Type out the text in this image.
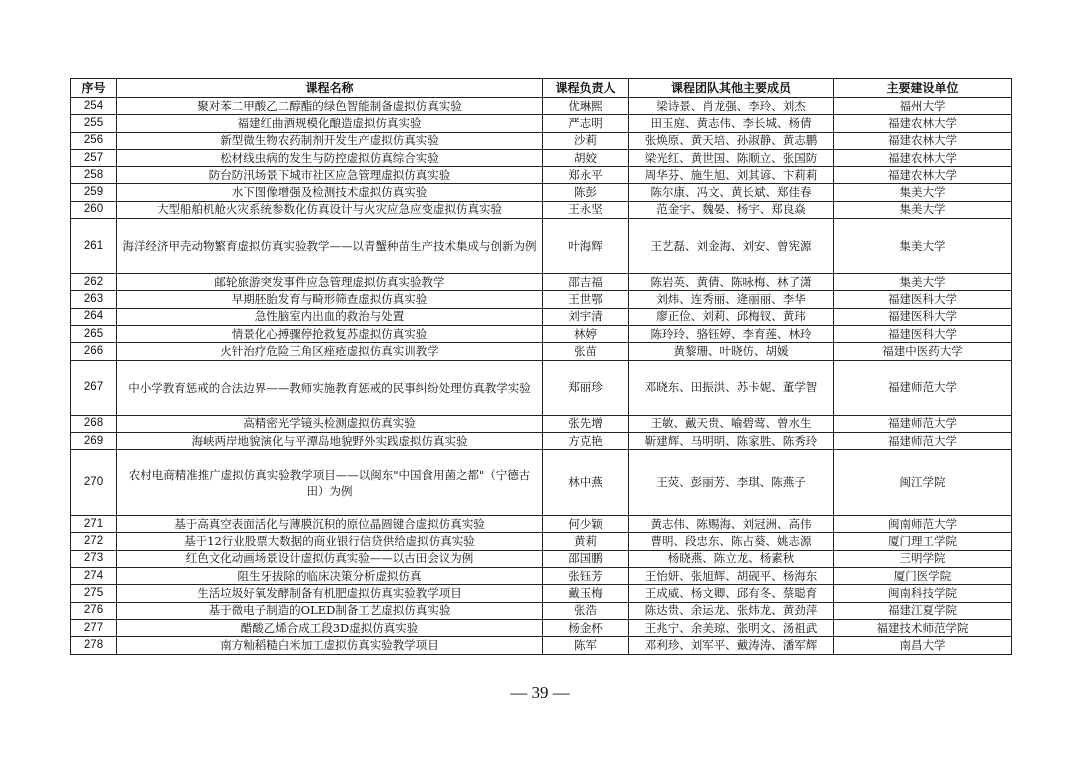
序号	课程名称	课程负责人	课程团队其他主要成员	主要建设单位
254	聚对苯二甲酸乙二醇酯的绿色智能制备虚拟仿真实验	优琳熙	梁诗景、肖龙强、李玲、刘杰	福州大学
255	福建红曲酒规模化酿造虚拟仿真实验	严志明	田玉庭、黄志伟、李长城、杨倩	福建农林大学
256	新型微生物农药制剂开发生产虚拟仿真实验	沙莉	张焕原、黄天培、孙淑静、黄志鹏	福建农林大学
257	松材线虫病的发生与防控虚拟仿真综合实验	胡姣	梁光红、黄世国、陈顺立、张国防	福建农林大学
258	防台防汛场景下城市社区应急管理虚拟仿真实验	郑永平	周华芬、施生旭、刘其谚、卞莉莉	福建农林大学
259	水下图像增强及检测技术虚拟仿真实验	陈彭	陈尔康、冯文、黄长斌、郑佳春	集美大学
260	大型船舶机舱火灾系统参数化仿真设计与火灾应急应变虚拟仿真实验	王永坚	范金宇、魏晏、杨宇、郑良焱	集美大学
261	海洋经济甲壳动物繁育虚拟仿真实验教学——以青蟹种苗生产技术集成与创新为例	叶海辉	王艺磊、刘金海、刘安、曾宪源	集美大学
262	邮轮旅游突发事件应急管理虚拟仿真实验教学	邵吉福	陈岩英、黄倩、陈咏梅、林了潇	集美大学
263	早期胚胎发育与畸形筛查虚拟仿真实验	王世鄂	刘炜、连秀丽、逄丽丽、李华	福建医科大学
264	急性脑室内出血的救治与处置	刘宇清	廖正俭、刘莉、邱梅钗、黄玮	福建医科大学
265	情景化心搏骤停抢救复苏虚拟仿真实验	林婷	陈玲玲、骆钰婷、李育莲、林玲	福建医科大学
266	火针治疗危险三角区痤疮虚拟仿真实训教学	张苗	黄黎珊、叶晓仿、胡媛	福建中医药大学
267	中小学教育惩戒的合法边界——教师实施教育惩戒的民事纠纷处理仿真教学实验	郑丽珍	邓晓东、田振洪、苏卡妮、董学智	福建师范大学
268	高精密光学镜头检测虚拟仿真实验	张先增	王敏、戴天贵、喻碧莺、曾水生	福建师范大学
269	海峡两岸地貌演化与平潭岛地貌野外实践虚拟仿真实验	方克艳	靳建辉、马明明、陈家胜、陈秀玲	福建师范大学
270	农村电商精准推广虚拟仿真实验教学项目——以闽东"中国食用菌之都"（宁德古田）为例	林中燕	王荧、彭丽芳、李琪、陈燕子	闽江学院
271	基于高真空表面活化与薄膜沉积的原位晶圆键合虚拟仿真实验	何少颖	黄志伟、陈赐海、刘冠洲、高伟	闽南师范大学
272	基于12行业股票大数据的商业银行信贷供给虚拟仿真实验	黄莉	曹明、段忠东、陈占葵、姚志源	厦门理工学院
273	红色文化动画场景设计虚拟仿真实验——以古田会议为例	邵国鹏	杨晓燕、陈立龙、杨素秋	三明学院
274	阻生牙拔除的临床决策分析虚拟仿真	张钰芳	王怡妍、张旭辉、胡砚平、杨海东	厦门医学院
275	生活垃圾好氧发酵制备有机肥虚拟仿真实验教学项目	戴玉梅	王成威、杨文卿、邱有冬、蔡聪育	闽南科技学院
276	基于微电子制造的OLED制备工艺虚拟仿真实验	张浩	陈达贵、余运龙、张炜龙、黄劲萍	福建江夏学院
277	醋酸乙烯合成工段3D虚拟仿真实验	杨金杯	王兆宁、余美琼、张明文、汤祖武	福建技术师范学院
278	南方籼稻糙白米加工虚拟仿真实验教学项目	陈军	邓利珍、刘军平、戴涛涛、潘军辉	南昌大学
— 39 —
